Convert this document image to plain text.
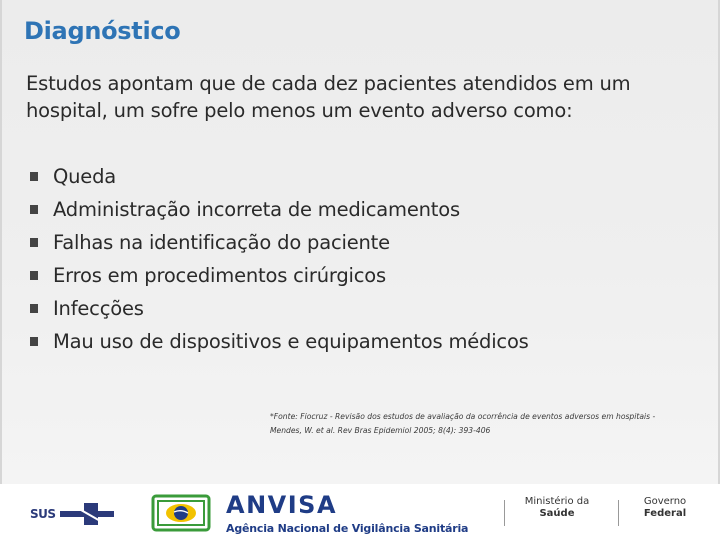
Diagnóstico
Estudos apontam que de cada dez pacientes atendidos em um hospital, um sofre pelo menos um evento adverso como:
Queda
Administração incorreta de medicamentos
Falhas na identificação do paciente
Erros em procedimentos cirúrgicos
Infecções
Mau uso de dispositivos e equipamentos médicos
*Fonte: Fiocruz - Revisão dos estudos de avaliação da ocorrência de eventos adversos em hospitais -
Mendes, W. et al. Rev Bras Epidemiol 2005; 8(4): 393-406
SUS	ANVISA
Agência Nacional de Vigilância Sanitária
Ministério da
Saúde
Governo
Federal
